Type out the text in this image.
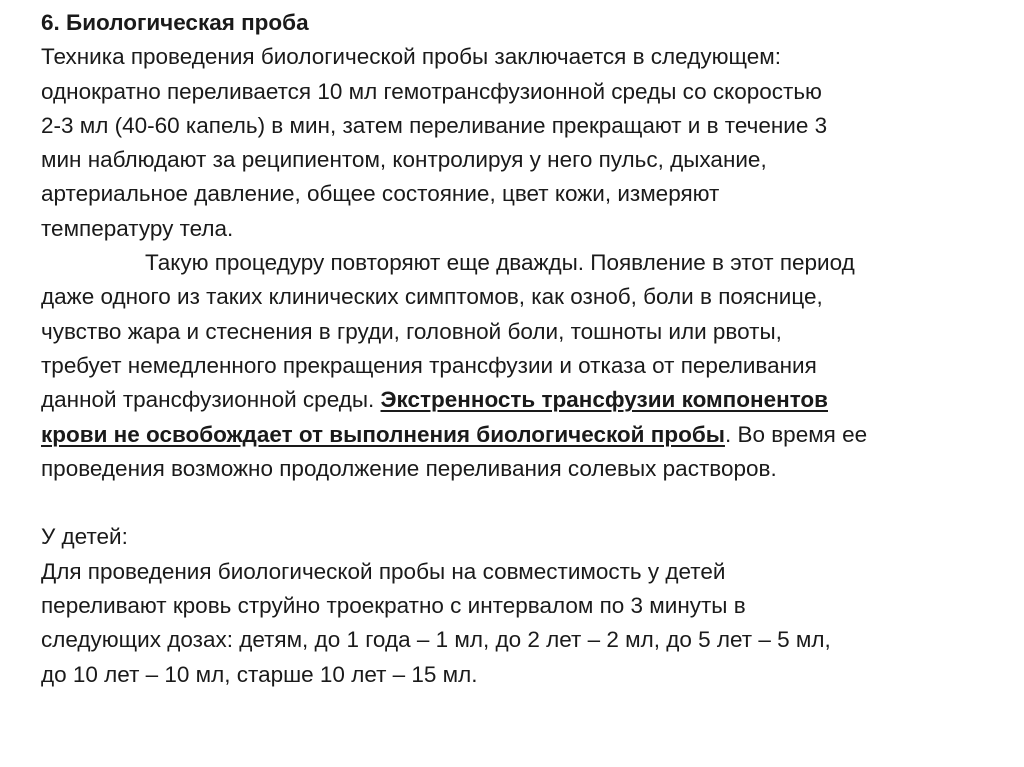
6. Биологическая проба
Техника проведения биологической пробы заключается в следующем:
однократно переливается 10 мл гемотрансфузионной среды со скоростью
2-3 мл (40-60 капель) в мин, затем переливание прекращают и в течение 3
мин наблюдают за реципиентом, контролируя у него пульс, дыхание,
артериальное давление, общее состояние, цвет кожи, измеряют
температуру тела.
Такую процедуру повторяют еще дважды. Появление в этот период
даже одного из таких клинических симптомов, как озноб, боли в пояснице,
чувство жара и стеснения в груди, головной боли, тошноты или рвоты,
требует немедленного прекращения трансфузии и отказа от переливания
данной трансфузионной среды. Экстренность трансфузии компонентов
крови не освобождает от выполнения биологической пробы. Во время ее
проведения возможно продолжение переливания солевых растворов.
У детей:
Для проведения биологической пробы на совместимость у детей
переливают кровь струйно троекратно с интервалом по 3 минуты в
следующих дозах: детям, до 1 года – 1 мл, до 2 лет – 2 мл, до 5 лет – 5 мл,
до 10 лет – 10 мл, старше 10 лет – 15 мл.
